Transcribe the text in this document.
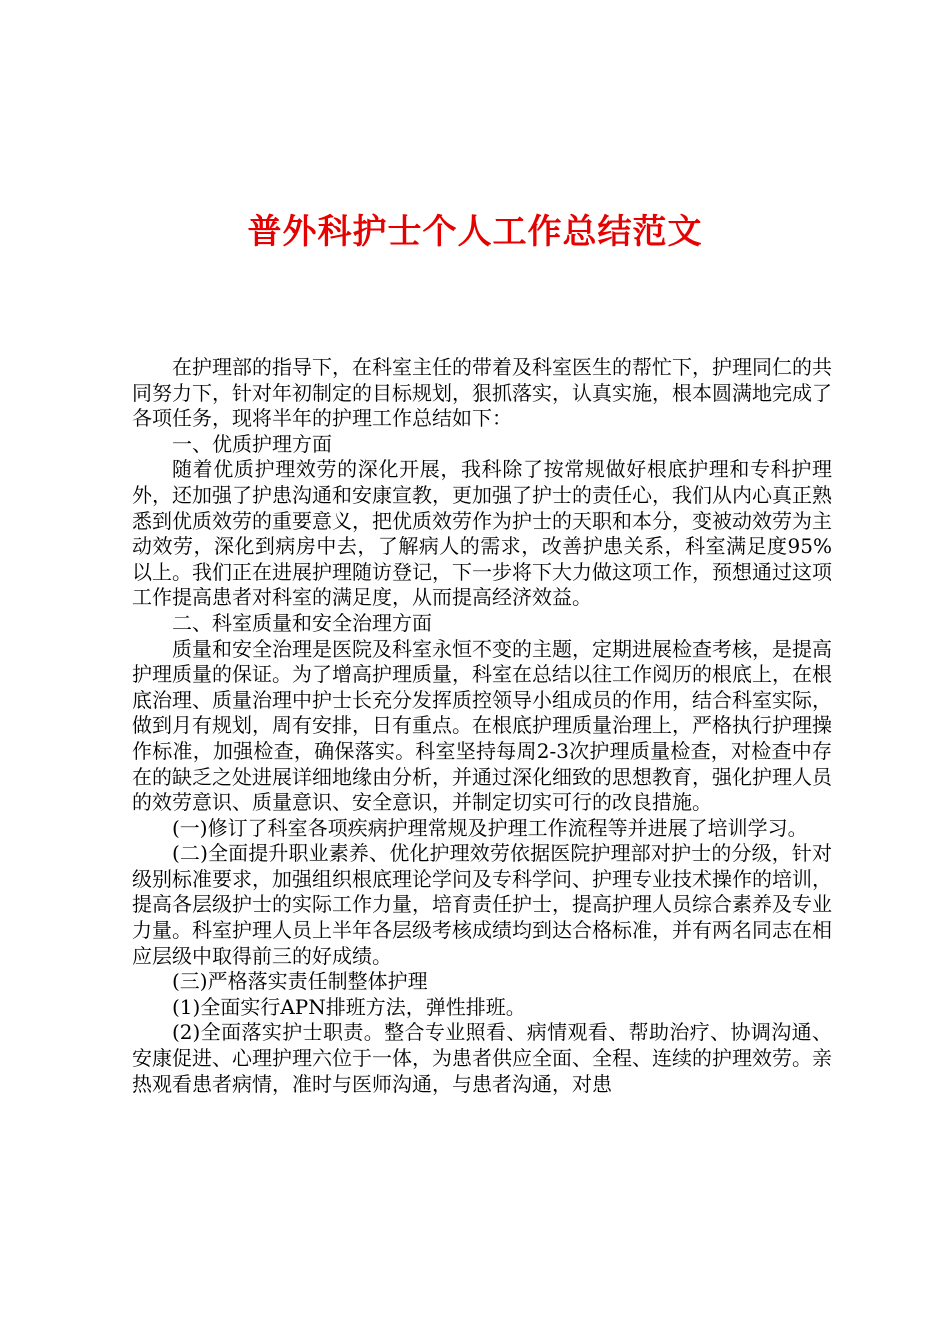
普外科护士个人工作总结范文

在护理部的指导下，在科室主任的带着及科室医生的帮忙下，护理同仁的共同努力下，针对年初制定的目标规划，狠抓落实，认真实施，根本圆满地完成了各项任务，现将半年的护理工作总结如下：

一、优质护理方面

随着优质护理效劳的深化开展，我科除了按常规做好根底护理和专科护理外，还加强了护患沟通和安康宣教，更加强了护士的责任心，我们从内心真正熟悉到优质效劳的重要意义，把优质效劳作为护士的天职和本分，变被动效劳为主动效劳，深化到病房中去，了解病人的需求，改善护患关系，科室满足度95%以上。我们正在进展护理随访登记，下一步将下大力做这项工作，预想通过这项工作提高患者对科室的满足度，从而提高经济效益。

二、科室质量和安全治理方面

质量和安全治理是医院及科室永恒不变的主题，定期进展检查考核，是提高护理质量的保证。为了增高护理质量，科室在总结以往工作阅历的根底上，在根底治理、质量治理中护士长充分发挥质控领导小组成员的作用，结合科室实际，做到月有规划，周有安排，日有重点。在根底护理质量治理上，严格执行护理操作标准，加强检查，确保落实。科室坚持每周2-3次护理质量检查，对检查中存在的缺乏之处进展详细地缘由分析，并通过深化细致的思想教育，强化护理人员的效劳意识、质量意识、安全意识，并制定切实可行的改良措施。

(一)修订了科室各项疾病护理常规及护理工作流程等并进展了培训学习。

(二)全面提升职业素养、优化护理效劳依据医院护理部对护士的分级，针对级别标准要求，加强组织根底理论学问及专科学问、护理专业技术操作的培训，提高各层级护士的实际工作力量，培育责任护士，提高护理人员综合素养及专业力量。科室护理人员上半年各层级考核成绩均到达合格标准，并有两名同志在相应层级中取得前三的好成绩。

(三)严格落实责任制整体护理

(1)全面实行APN排班方法，弹性排班。

(2)全面落实护士职责。整合专业照看、病情观看、帮助治疗、协调沟通、安康促进、心理护理六位于一体，为患者供应全面、全程、连续的护理效劳。亲热观看患者病情，准时与医师沟通，与患者沟通，对患
